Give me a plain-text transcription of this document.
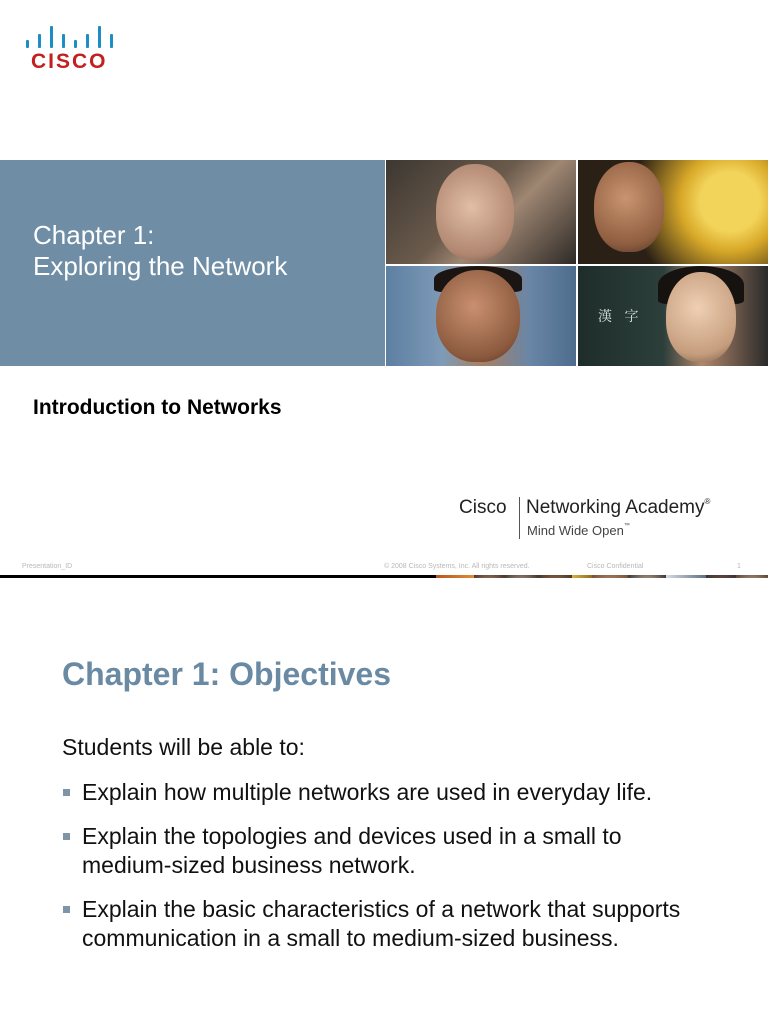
CISCO
Chapter 1:
Exploring the Network
漢 字
Introduction to Networks
Cisco Networking Academy®
Mind Wide Open™
Presentation_ID	© 2008 Cisco Systems, Inc. All rights reserved.	Cisco Confidential	1
Chapter 1: Objectives
Students will be able to:
Explain how multiple networks are used in everyday life.
Explain the topologies and devices used in a small to medium-sized business network.
Explain the basic characteristics of a network that supports communication in a small to medium-sized business.
